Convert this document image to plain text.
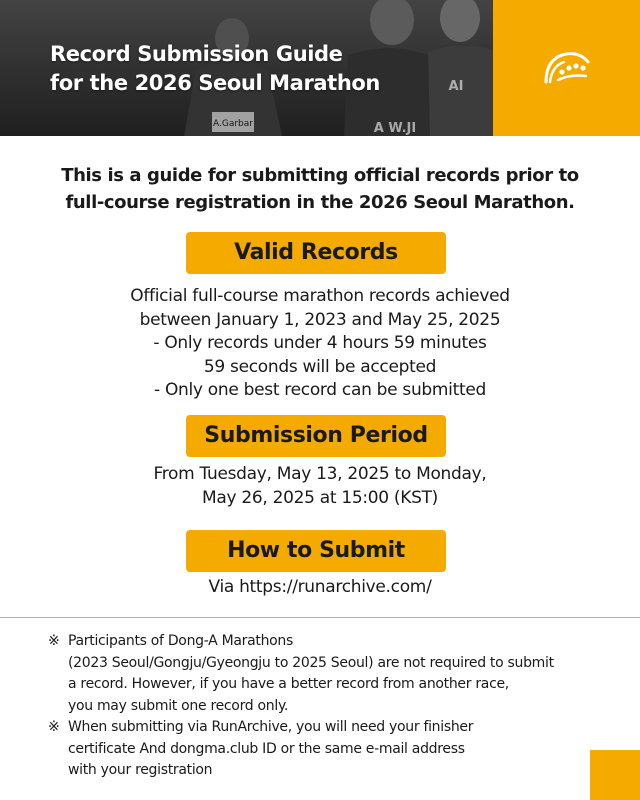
Record Submission Guide
for the 2026 Seoul Marathon
This is a guide for submitting official records prior to
full-course registration in the 2026 Seoul Marathon.
Valid Records
Official full-course marathon records achieved
between January 1, 2023 and May 25, 2025
- Only records under 4 hours 59 minutes
59 seconds will be accepted
- Only one best record can be submitted
Submission Period
From Tuesday, May 13, 2025 to Monday,
May 26, 2025 at 15:00 (KST)
How to Submit
Via https://runarchive.com/
※ Participants of Dong-A Marathons
(2023 Seoul/Gongju/Gyeongju to 2025 Seoul) are not required to submit
a record. However, if you have a better record from another race,
you may submit one record only.
※ When submitting via RunArchive, you will need your finisher
certificate And dongma.club ID or the same e-mail address
with your registration
